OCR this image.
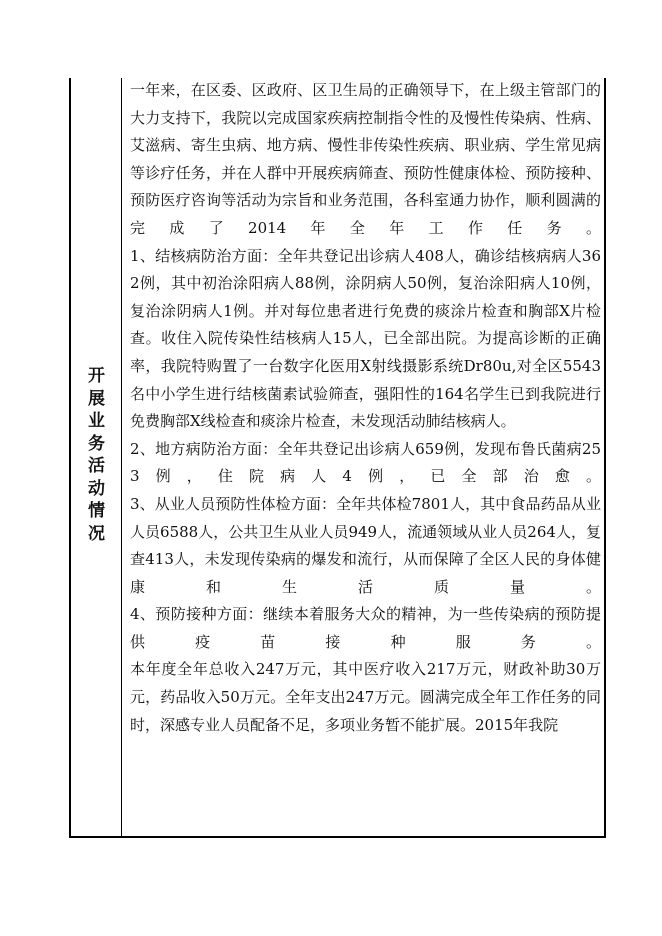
开
展
业
务
活
动
情
况

一年来，在区委、区政府、区卫生局的正确领导下，在上级主管部门的大力支持下，我院以完成国家疾病控制指令性的及慢性传染病、性病、艾滋病、寄生虫病、地方病、慢性非传染性疾病、职业病、学生常见病等诊疗任务，并在人群中开展疾病筛查、预防性健康体检、预防接种、预防医疗咨询等活动为宗旨和业务范围，各科室通力协作，顺利圆满的完成了2014年全年工作任务。

1、结核病防治方面：全年共登记出诊病人408人，确诊结核病病人362例，其中初治涂阳病人88例，涂阴病人50例，复治涂阳病人10例，复治涂阴病人1例。并对每位患者进行免费的痰涂片检查和胸部X片检查。收住入院传染性结核病人15人，已全部出院。为提高诊断的正确率，我院特购置了一台数字化医用X射线摄影系统Dr80u,对全区5543名中小学生进行结核菌素试验筛查，强阳性的164名学生已到我院进行免费胸部X线检查和痰涂片检查，未发现活动肺结核病人。

2、地方病防治方面：全年共登记出诊病人659例，发现布鲁氏菌病253例，住院病人4例，已全部治愈。

3、从业人员预防性体检方面：全年共体检7801人，其中食品药品从业人员6588人，公共卫生从业人员949人，流通领域从业人员264人，复查413人，未发现传染病的爆发和流行，从而保障了全区人民的身体健康和生活质量。

4、预防接种方面：继续本着服务大众的精神，为一些传染病的预防提供疫苗接种服务。

本年度全年总收入247万元，其中医疗收入217万元，财政补助30万元，药品收入50万元。全年支出247万元。圆满完成全年工作任务的同时，深感专业人员配备不足，多项业务暂不能扩展。2015年我院
